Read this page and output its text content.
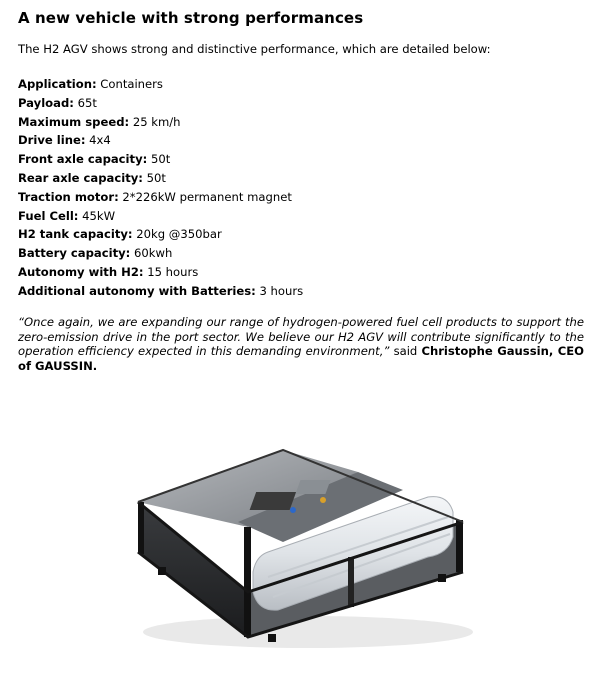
A new vehicle with strong performances

The H2 AGV shows strong and distinctive performance, which are detailed below:

Application: Containers
Payload: 65t
Maximum speed: 25 km/h
Drive line: 4x4
Front axle capacity: 50t
Rear axle capacity: 50t
Traction motor: 2*226kW permanent magnet
Fuel Cell: 45kW
H2 tank capacity: 20kg @350bar
Battery capacity: 60kwh
Autonomy with H2: 15 hours
Additional autonomy with Batteries: 3 hours

“Once again, we are expanding our range of hydrogen-powered fuel cell products to support the zero-emission drive in the port sector. We believe our H2 AGV will contribute significantly to the operation efficiency expected in this demanding environment,” said Christophe Gaussin, CEO of GAUSSIN.
